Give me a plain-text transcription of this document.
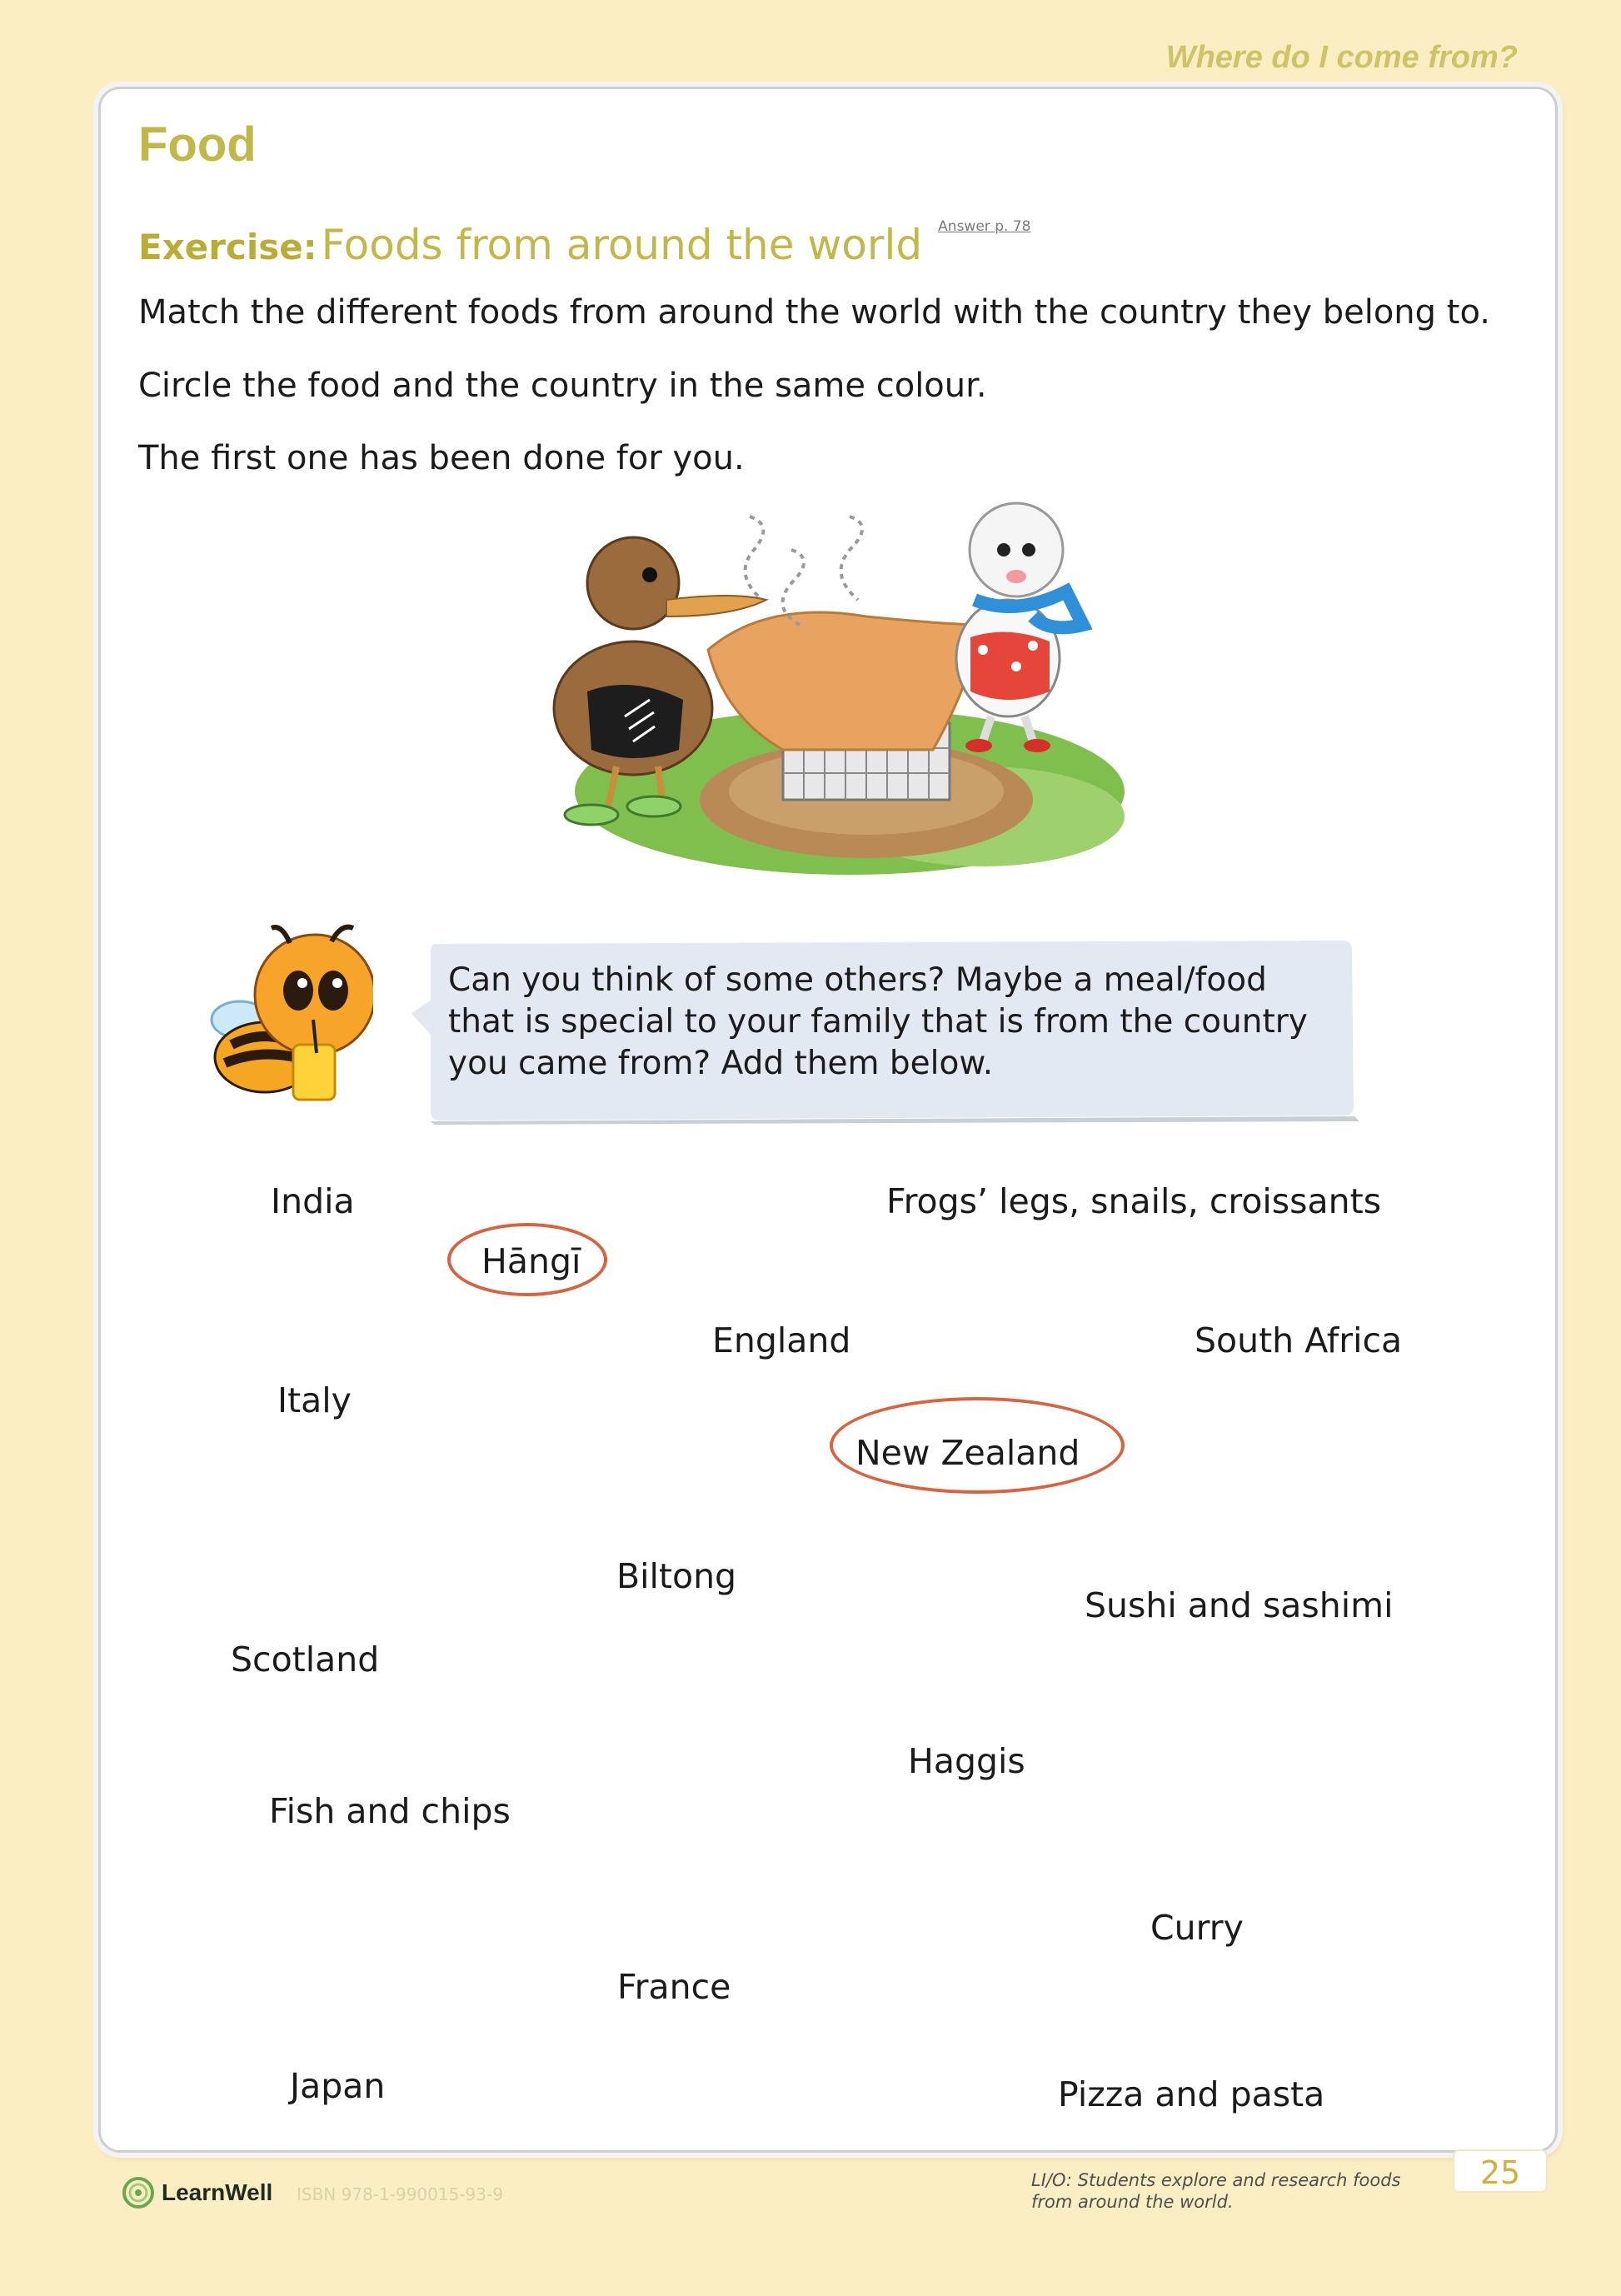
Where do I come from?
Food
Exercise: Foods from around the world Answer p. 78
Match the different foods from around the world with the country they belong to.
Circle the food and the country in the same colour.
The first one has been done for you.
Can you think of some others? Maybe a meal/food that is special to your family that is from the country you came from? Add them below.
India	Frogs’ legs, snails, croissants
Hāngī
England	South Africa
Italy
New Zealand
Biltong
Sushi and sashimi
Scotland
Haggis
Fish and chips
Curry
France
Japan	Pizza and pasta
LearnWell ISBN 978-1-990015-93-9
LI/O: Students explore and research foods from around the world.
25
